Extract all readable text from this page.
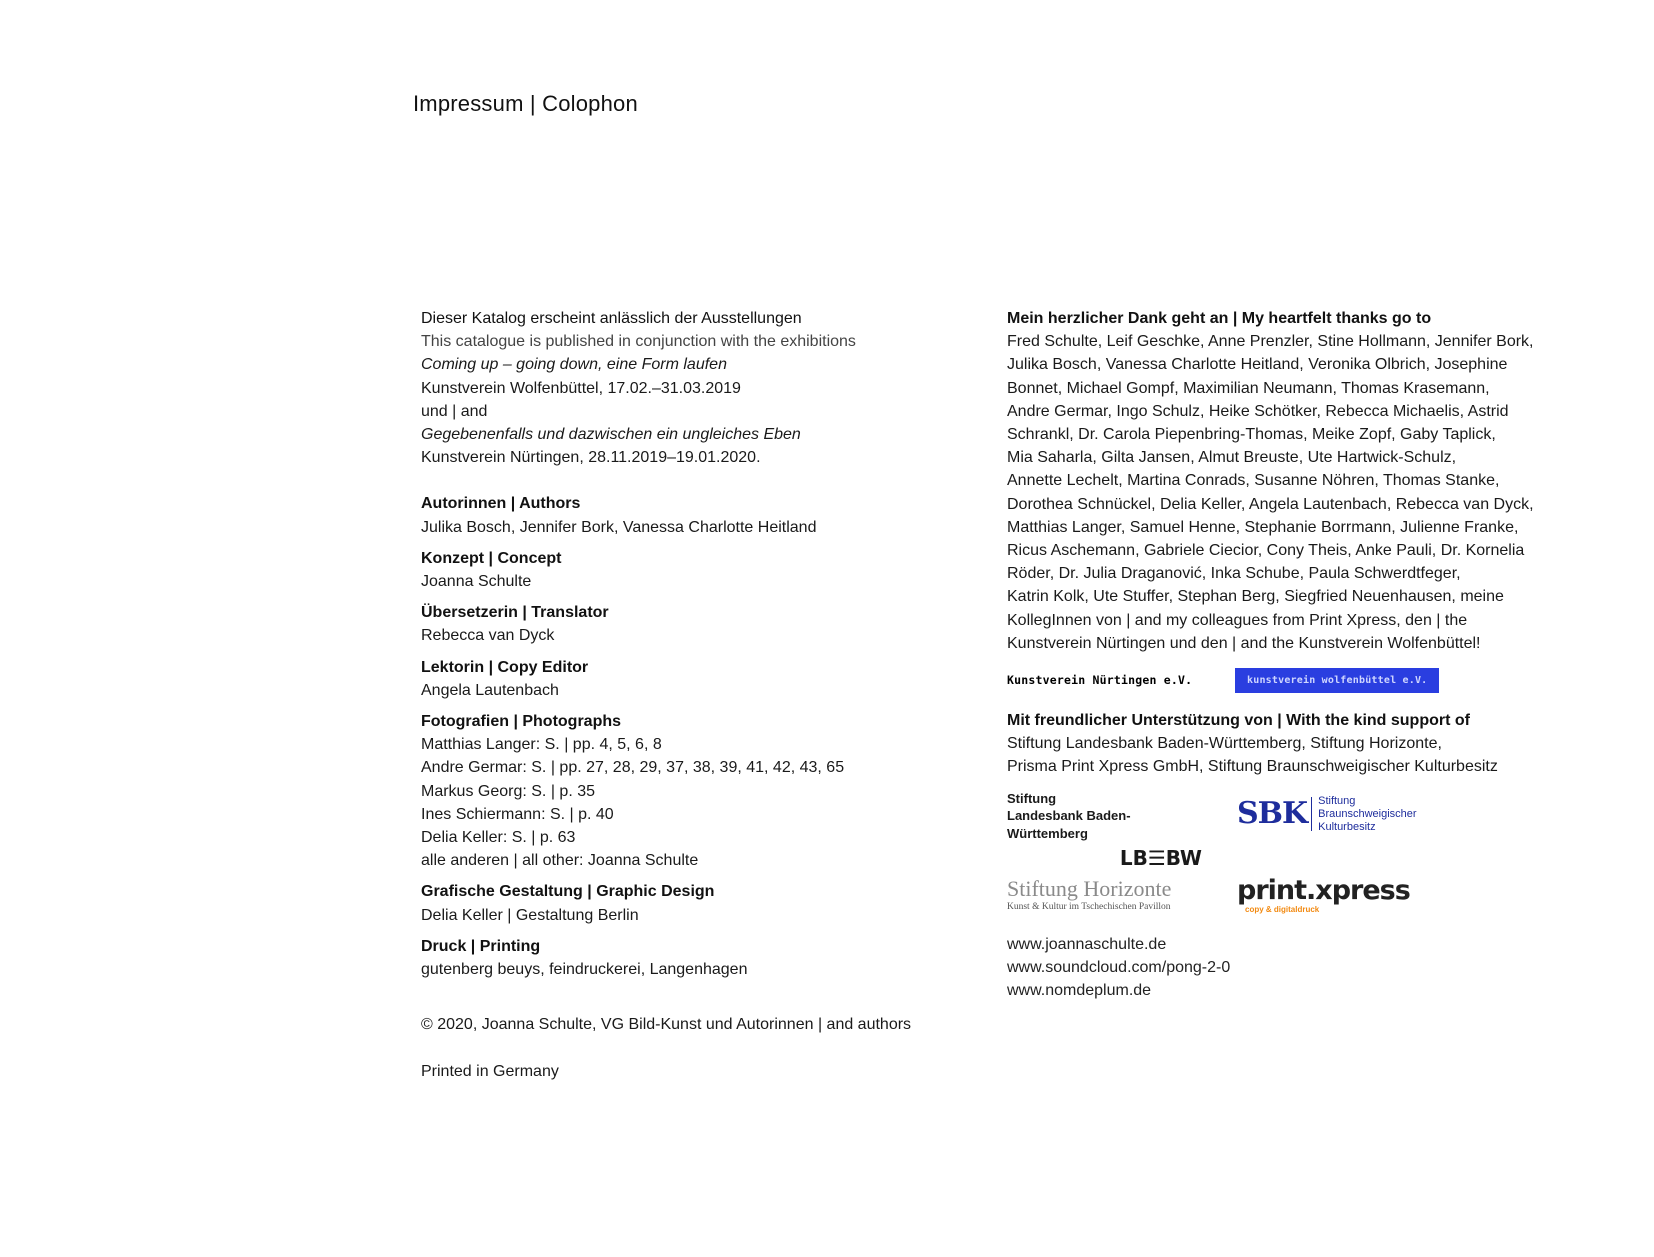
Impressum | Colophon
Dieser Katalog erscheint anlässlich der Ausstellungen
This catalogue is published in conjunction with the exhibitions
Coming up – going down, eine Form laufen
Kunstverein Wolfenbüttel, 17.02.–31.03.2019
und | and
Gegebenenfalls und dazwischen ein ungleiches Eben
Kunstverein Nürtingen, 28.11.2019–19.01.2020.
Autorinnen | Authors
Julika Bosch, Jennifer Bork, Vanessa Charlotte Heitland
Konzept | Concept
Joanna Schulte
Übersetzerin | Translator
Rebecca van Dyck
Lektorin | Copy Editor
Angela Lautenbach
Fotografien | Photographs
Matthias Langer: S. | pp. 4, 5, 6, 8
Andre Germar: S. | pp. 27, 28, 29, 37, 38, 39, 41, 42, 43, 65
Markus Georg: S. | p. 35
Ines Schiermann: S. | p. 40
Delia Keller: S. | p. 63
alle anderen | all other: Joanna Schulte
Grafische Gestaltung | Graphic Design
Delia Keller | Gestaltung Berlin
Druck | Printing
gutenberg beuys, feindruckerei, Langenhagen
© 2020, Joanna Schulte, VG Bild-Kunst und Autorinnen | and authors
Printed in Germany
Mein herzlicher Dank geht an | My heartfelt thanks go to
Fred Schulte, Leif Geschke, Anne Prenzler, Stine Hollmann, Jennifer Bork,
Julika Bosch, Vanessa Charlotte Heitland, Veronika Olbrich, Josephine
Bonnet, Michael Gompf, Maximilian Neumann, Thomas Krasemann,
Andre Germar, Ingo Schulz, Heike Schötker, Rebecca Michaelis, Astrid
Schrankl, Dr. Carola Piepenbring-Thomas, Meike Zopf, Gaby Taplick,
Mia Saharla, Gilta Jansen, Almut Breuste, Ute Hartwick-Schulz,
Annette Lechelt, Martina Conrads, Susanne Nöhren, Thomas Stanke,
Dorothea Schnückel, Delia Keller, Angela Lautenbach, Rebecca van Dyck,
Matthias Langer, Samuel Henne, Stephanie Borrmann, Julienne Franke,
Ricus Aschemann, Gabriele Ciecior, Cony Theis, Anke Pauli, Dr. Kornelia
Röder, Dr. Julia Draganović, Inka Schube, Paula Schwerdtfeger,
Katrin Kolk, Ute Stuffer, Stephan Berg, Siegfried Neuenhausen, meine
KollegInnen von | and my colleagues from Print Xpress, den | the
Kunstverein Nürtingen und den | and the Kunstverein Wolfenbüttel!
Kunstverein Nürtingen e.V.	kunstverein wolfenbüttel e.V.
Mit freundlicher Unterstützung von | With the kind support of
Stiftung Landesbank Baden-Württemberg, Stiftung Horizonte,
Prisma Print Xpress GmbH, Stiftung Braunschweigischer Kulturbesitz
Stiftung
Landesbank Baden-Württemberg
LB☰BW
SBK	Stiftung
Braunschweigischer
Kulturbesitz
Stiftung Horizonte
Kunst & Kultur im Tschechischen Pavillon
print.xpress
copy & digitaldruck
www.joannaschulte.de
www.soundcloud.com/pong-2-0
www.nomdeplum.de
